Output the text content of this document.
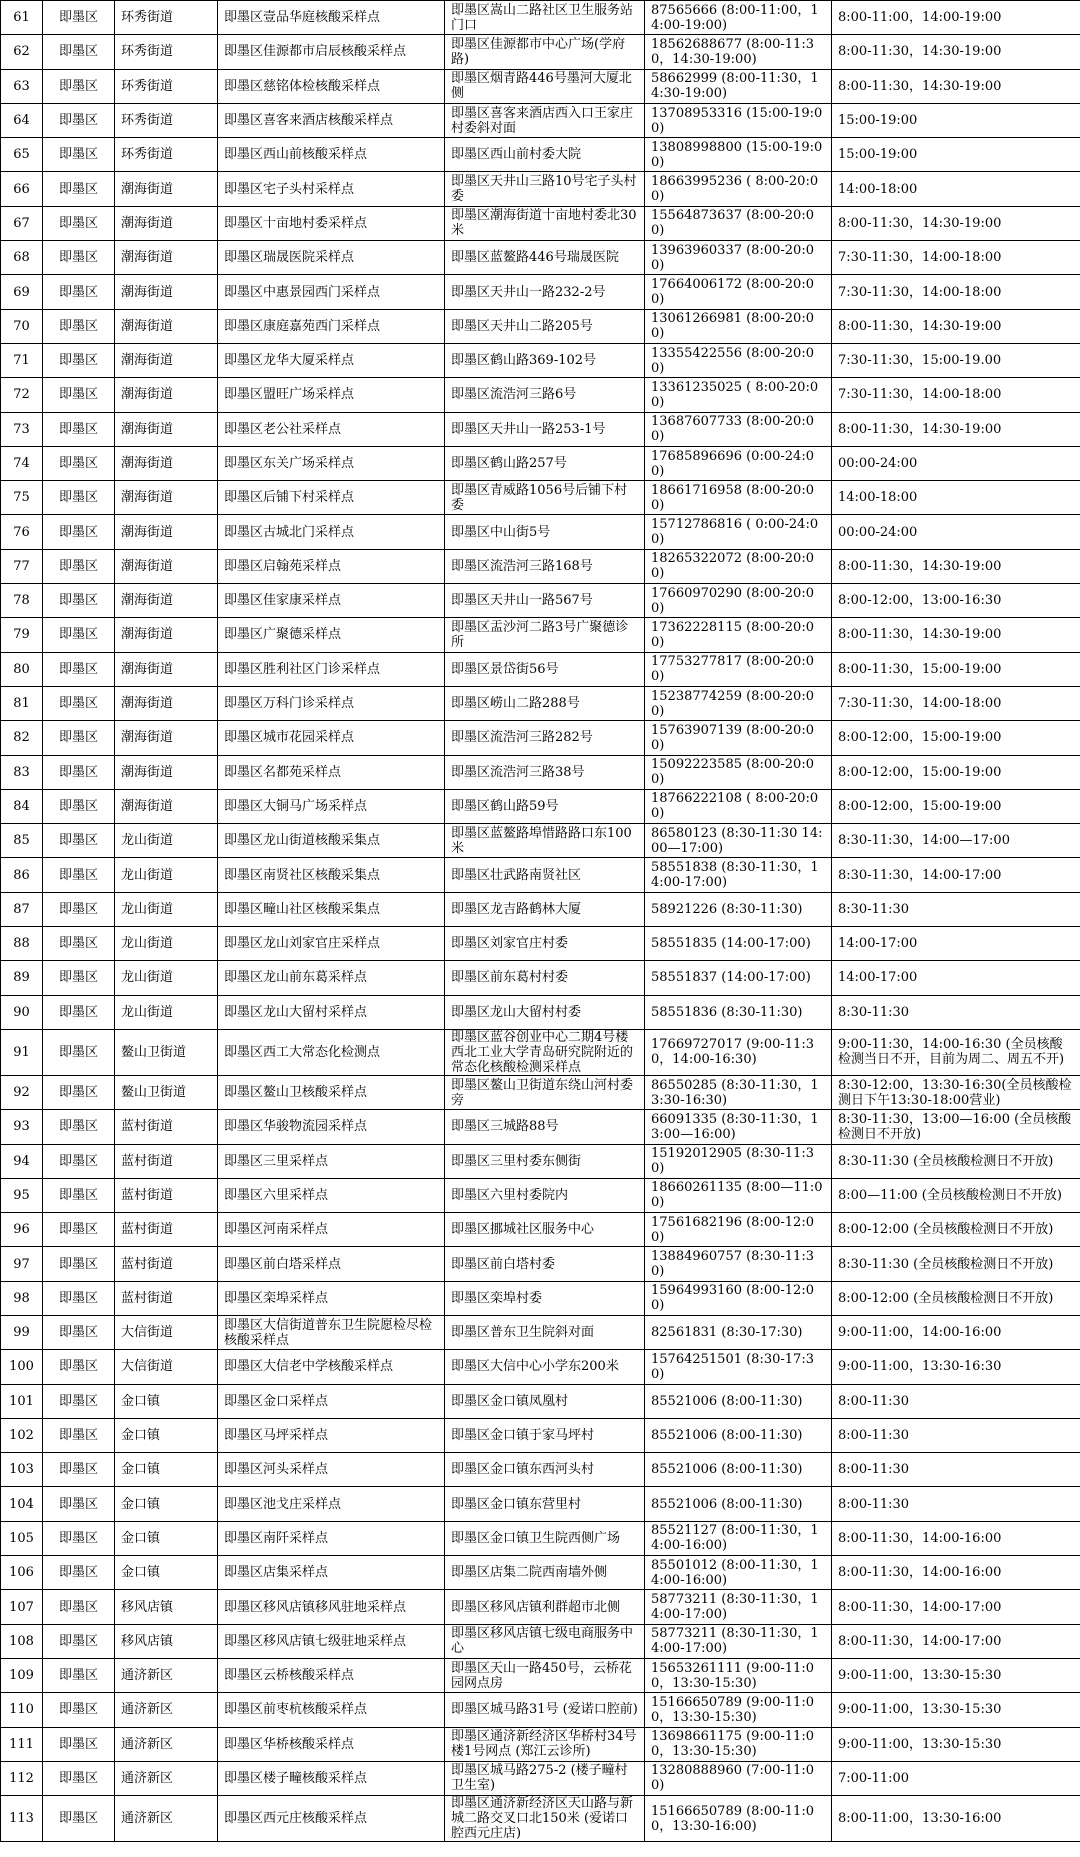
61	即墨区	环秀街道	即墨区壹品华庭核酸采样点	即墨区嵩山二路社区卫生服务站门口	87565666 (8:00-11:00，14:00-19:00)	8:00-11:00，14:00-19:00
62	即墨区	环秀街道	即墨区佳源都市启辰核酸采样点	即墨区佳源都市中心广场(学府路)	18562688677 (8:00-11:30，14:30-19:00)	8:00-11:30，14:30-19:00
63	即墨区	环秀街道	即墨区慈铭体检核酸采样点	即墨区烟青路446号墨河大厦北侧	58662999 (8:00-11:30，14:30-19:00)	8:00-11:30，14:30-19:00
64	即墨区	环秀街道	即墨区喜客来酒店核酸采样点	即墨区喜客来酒店西入口王家庄村委斜对面	13708953316 (15:00-19:00)	15:00-19:00
65	即墨区	环秀街道	即墨区西山前核酸采样点	即墨区西山前村委大院	13808998800 (15:00-19:00)	15:00-19:00
66	即墨区	潮海街道	即墨区宅子头村采样点	即墨区天井山三路10号宅子头村委	18663995236 ( 8:00-20:00)	14:00-18:00
67	即墨区	潮海街道	即墨区十亩地村委采样点	即墨区潮海街道十亩地村委北30米	15564873637 (8:00-20:00)	8:00-11:30，14:30-19:00
68	即墨区	潮海街道	即墨区瑞晟医院采样点	即墨区蓝鳌路446号瑞晟医院	13963960337 (8:00-20:00)	7:30-11:30，14:00-18:00
69	即墨区	潮海街道	即墨区中惠景园西门采样点	即墨区天井山一路232-2号	17664006172 (8:00-20:00)	7:30-11:30，14:00-18:00
70	即墨区	潮海街道	即墨区康庭嘉苑西门采样点	即墨区天井山二路205号	13061266981 (8:00-20:00)	8:00-11:30，14:30-19:00
71	即墨区	潮海街道	即墨区龙华大厦采样点	即墨区鹤山路369-102号	13355422556 (8:00-20:00)	7:30-11:30，15:00-19.00
72	即墨区	潮海街道	即墨区盟旺广场采样点	即墨区流浩河三路6号	13361235025 ( 8:00-20:00)	7:30-11:30，14:00-18:00
73	即墨区	潮海街道	即墨区老公社采样点	即墨区天井山一路253-1号	13687607733 (8:00-20:00)	8:00-11:30，14:30-19:00
74	即墨区	潮海街道	即墨区东关广场采样点	即墨区鹤山路257号	17685896696 (0:00-24:00)	00:00-24:00
75	即墨区	潮海街道	即墨区后铺下村采样点	即墨区青威路1056号后铺下村委	18661716958 (8:00-20:00)	14:00-18:00
76	即墨区	潮海街道	即墨区古城北门采样点	即墨区中山街5号	15712786816 ( 0:00-24:00)	00:00-24:00
77	即墨区	潮海街道	即墨区启翰苑采样点	即墨区流浩河三路168号	18265322072 (8:00-20:00)	8:00-11:30，14:30-19:00
78	即墨区	潮海街道	即墨区佳家康采样点	即墨区天井山一路567号	17660970290 (8:00-20:00)	8:00-12:00，13:00-16:30
79	即墨区	潮海街道	即墨区广聚德采样点	即墨区盂沙河二路3号广聚德诊所	17362228115 (8:00-20:00)	8:00-11:30，14:30-19:00
80	即墨区	潮海街道	即墨区胜利社区门诊采样点	即墨区景岱街56号	17753277817 (8:00-20:00)	8:00-11:30，15:00-19:00
81	即墨区	潮海街道	即墨区万科门诊采样点	即墨区崂山二路288号	15238774259 (8:00-20:00)	7:30-11:30，14:00-18:00
82	即墨区	潮海街道	即墨区城市花园采样点	即墨区流浩河三路282号	15763907139 (8:00-20:00)	8:00-12:00，15:00-19:00
83	即墨区	潮海街道	即墨区名都苑采样点	即墨区流浩河三路38号	15092223585 (8:00-20:00)	8:00-12:00，15:00-19:00
84	即墨区	潮海街道	即墨区大铜马广场采样点	即墨区鹤山路59号	18766222108 ( 8:00-20:00)	8:00-12:00，15:00-19:00
85	即墨区	龙山街道	即墨区龙山街道核酸采集点	即墨区蓝鳌路埠惜路路口东100米	86580123 (8:30-11:30 14:00—17:00)	8:30-11:30，14:00—17:00
86	即墨区	龙山街道	即墨区南贤社区核酸采集点	即墨区壮武路南贤社区	58551838 (8:30-11:30，14:00-17:00)	8:30-11:30，14:00-17:00
87	即墨区	龙山街道	即墨区疃山社区核酸采集点	即墨区龙吉路鹤林大厦	58921226 (8:30-11:30)	8:30-11:30
88	即墨区	龙山街道	即墨区龙山刘家官庄采样点	即墨区刘家官庄村委	58551835 (14:00-17:00)	14:00-17:00
89	即墨区	龙山街道	即墨区龙山前东葛采样点	即墨区前东葛村村委	58551837 (14:00-17:00)	14:00-17:00
90	即墨区	龙山街道	即墨区龙山大留村采样点	即墨区龙山大留村村委	58551836 (8:30-11:30)	8:30-11:30
91	即墨区	鳌山卫街道	即墨区西工大常态化检测点	即墨区蓝谷创业中心二期4号楼西北工业大学青岛研究院附近的常态化核酸检测采样点	17669727017 (9:00-11:30，14:00-16:30)	9:00-11:30，14:00-16:30 (全员核酸检测当日不开，目前为周二、周五不开)
92	即墨区	鳌山卫街道	即墨区鳌山卫核酸采样点	即墨区鳌山卫街道东绕山河村委旁	86550285 (8:30-11:30，13:30-16:30)	8:30-12:00，13:30-16:30(全员核酸检测日下午13:30-18:00营业)
93	即墨区	蓝村街道	即墨区华骏物流园采样点	即墨区三城路88号	66091335 (8:30-11:30，13:00—16:00)	8:30-11:30，13:00—16:00 (全员核酸检测日不开放)
94	即墨区	蓝村街道	即墨区三里采样点	即墨区三里村委东侧街	15192012905 (8:30-11:30)	8:30-11:30 (全员核酸检测日不开放)
95	即墨区	蓝村街道	即墨区六里采样点	即墨区六里村委院内	18660261135 (8:00—11:00)	8:00—11:00 (全员核酸检测日不开放)
96	即墨区	蓝村街道	即墨区河南采样点	即墨区挪城社区服务中心	17561682196 (8:00-12:00)	8:00-12:00 (全员核酸检测日不开放)
97	即墨区	蓝村街道	即墨区前白塔采样点	即墨区前白塔村委	13884960757 (8:30-11:30)	8:30-11:30 (全员核酸检测日不开放)
98	即墨区	蓝村街道	即墨区栾埠采样点	即墨区栾埠村委	15964993160 (8:00-12:00)	8:00-12:00 (全员核酸检测日不开放)
99	即墨区	大信街道	即墨区大信街道普东卫生院愿检尽检核酸采样点	即墨区普东卫生院斜对面	82561831 (8:30-17:30)	9:00-11:00，14:00-16:00
100	即墨区	大信街道	即墨区大信老中学核酸采样点	即墨区大信中心小学东200米	15764251501 (8:30-17:30)	9:00-11:00，13:30-16:30
101	即墨区	金口镇	即墨区金口采样点	即墨区金口镇凤凰村	85521006 (8:00-11:30)	8:00-11:30
102	即墨区	金口镇	即墨区马坪采样点	即墨区金口镇于家马坪村	85521006 (8:00-11:30)	8:00-11:30
103	即墨区	金口镇	即墨区河头采样点	即墨区金口镇东西河头村	85521006 (8:00-11:30)	8:00-11:30
104	即墨区	金口镇	即墨区池戈庄采样点	即墨区金口镇东营里村	85521006 (8:00-11:30)	8:00-11:30
105	即墨区	金口镇	即墨区南阡采样点	即墨区金口镇卫生院西侧广场	85521127 (8:00-11:30，14:00-16:00)	8:00-11:30，14:00-16:00
106	即墨区	金口镇	即墨区店集采样点	即墨区店集二院西南墙外侧	85501012 (8:00-11:30，14:00-16:00)	8:00-11:30，14:00-16:00
107	即墨区	移风店镇	即墨区移风店镇移风驻地采样点	即墨区移风店镇利群超市北侧	58773211 (8:30-11:30，14:00-17:00)	8:00-11:30，14:00-17:00
108	即墨区	移风店镇	即墨区移风店镇七级驻地采样点	即墨区移风店镇七级电商服务中心	58773211 (8:30-11:30，14:00-17:00)	8:00-11:30，14:00-17:00
109	即墨区	通济新区	即墨区云桥核酸采样点	即墨区天山一路450号，云桥花园网点房	15653261111 (9:00-11:00，13:30-15:30)	9:00-11:00，13:30-15:30
110	即墨区	通济新区	即墨区前枣杭核酸采样点	即墨区城马路31号 (爱诺口腔前)	15166650789 (9:00-11:00，13:30-15:30)	9:00-11:00，13:30-15:30
111	即墨区	通济新区	即墨区华桥核酸采样点	即墨区通济新经济区华桥村34号楼1号网点 (郑江云诊所)	13698661175 (9:00-11:00，13:30-15:30)	9:00-11:00，13:30-15:30
112	即墨区	通济新区	即墨区楼子疃核酸采样点	即墨区城马路275-2 (楼子疃村卫生室)	13280888960 (7:00-11:00)	7:00-11:00
113	即墨区	通济新区	即墨区西元庄核酸采样点	即墨区通济新经济区天山路与新城二路交叉口北150米 (爱诺口腔西元庄店)	15166650789 (8:00-11:00，13:30-16:00)	8:00-11:00，13:30-16:00
